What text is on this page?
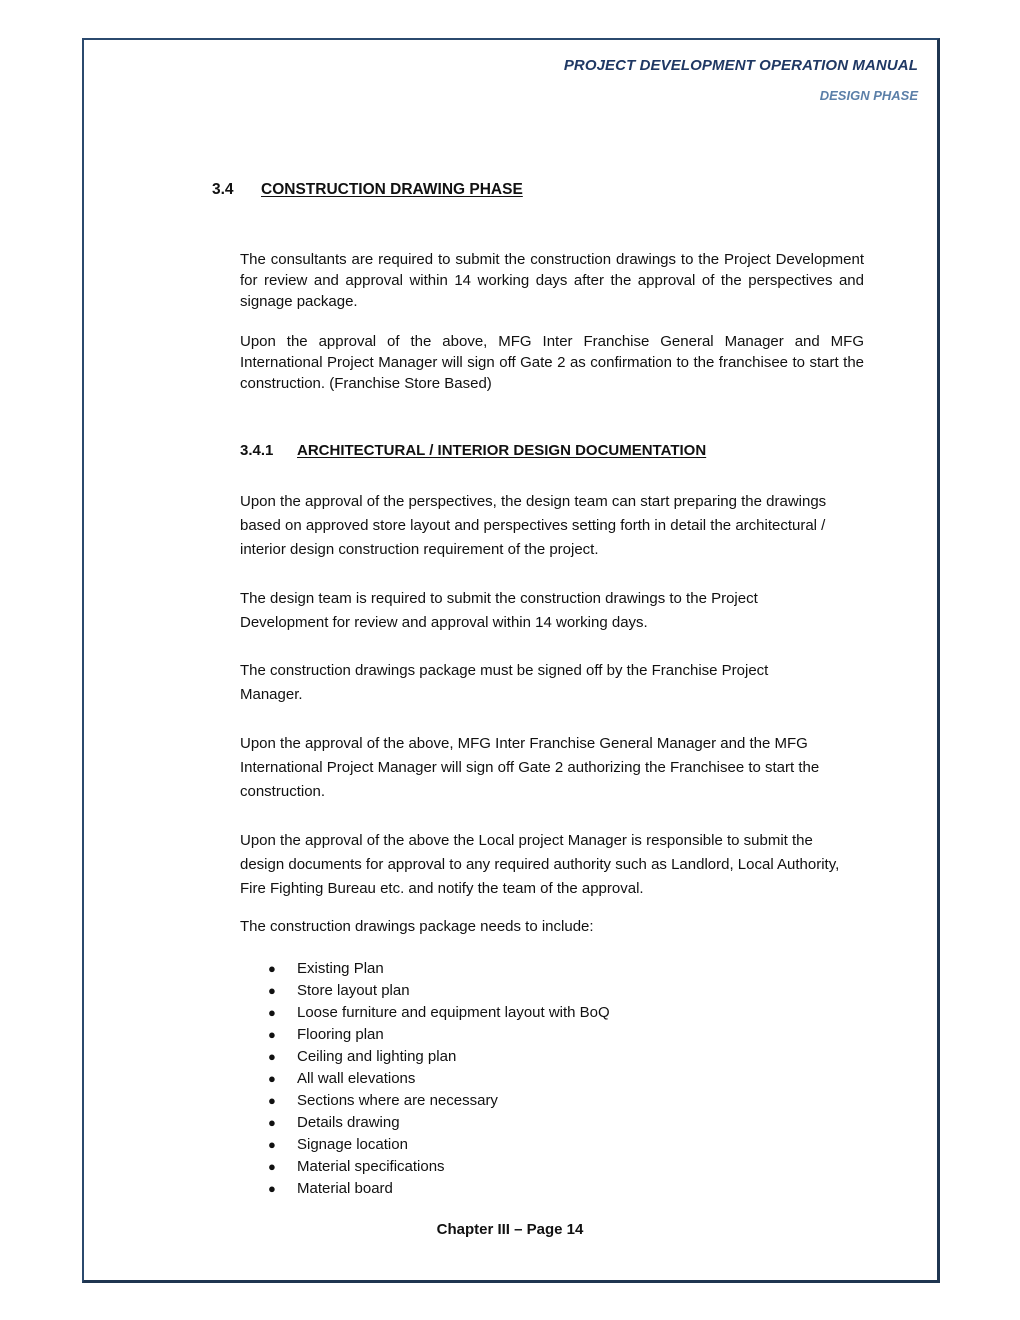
PROJECT DEVELOPMENT OPERATION MANUAL
DESIGN PHASE
3.4 CONSTRUCTION DRAWING PHASE

The consultants are required to submit the construction drawings to the Project Development for review and approval within 14 working days after the approval of the perspectives and signage package.

Upon the approval of the above, MFG Inter Franchise General Manager and MFG International Project Manager will sign off Gate 2 as confirmation to the franchisee to start the construction. (Franchise Store Based)

3.4.1 ARCHITECTURAL / INTERIOR DESIGN DOCUMENTATION

Upon the approval of the perspectives, the design team can start preparing the drawings based on approved store layout and perspectives setting forth in detail the architectural / interior design construction requirement of the project.

The design team is required to submit the construction drawings to the Project Development for review and approval within 14 working days.

The construction drawings package must be signed off by the Franchise Project Manager.

Upon the approval of the above, MFG Inter Franchise General Manager and the MFG International Project Manager will sign off Gate 2 authorizing the Franchisee to start the construction.

Upon the approval of the above the Local project Manager is responsible to submit the design documents for approval to any required authority such as Landlord, Local Authority, Fire Fighting Bureau etc. and notify the team of the approval.

The construction drawings package needs to include:

●	Existing Plan
●	Store layout plan
●	Loose furniture and equipment layout with BoQ
●	Flooring plan
●	Ceiling and lighting plan
●	All wall elevations
●	Sections where are necessary
●	Details drawing
●	Signage location
●	Material specifications
●	Material board
Chapter III – Page 14
